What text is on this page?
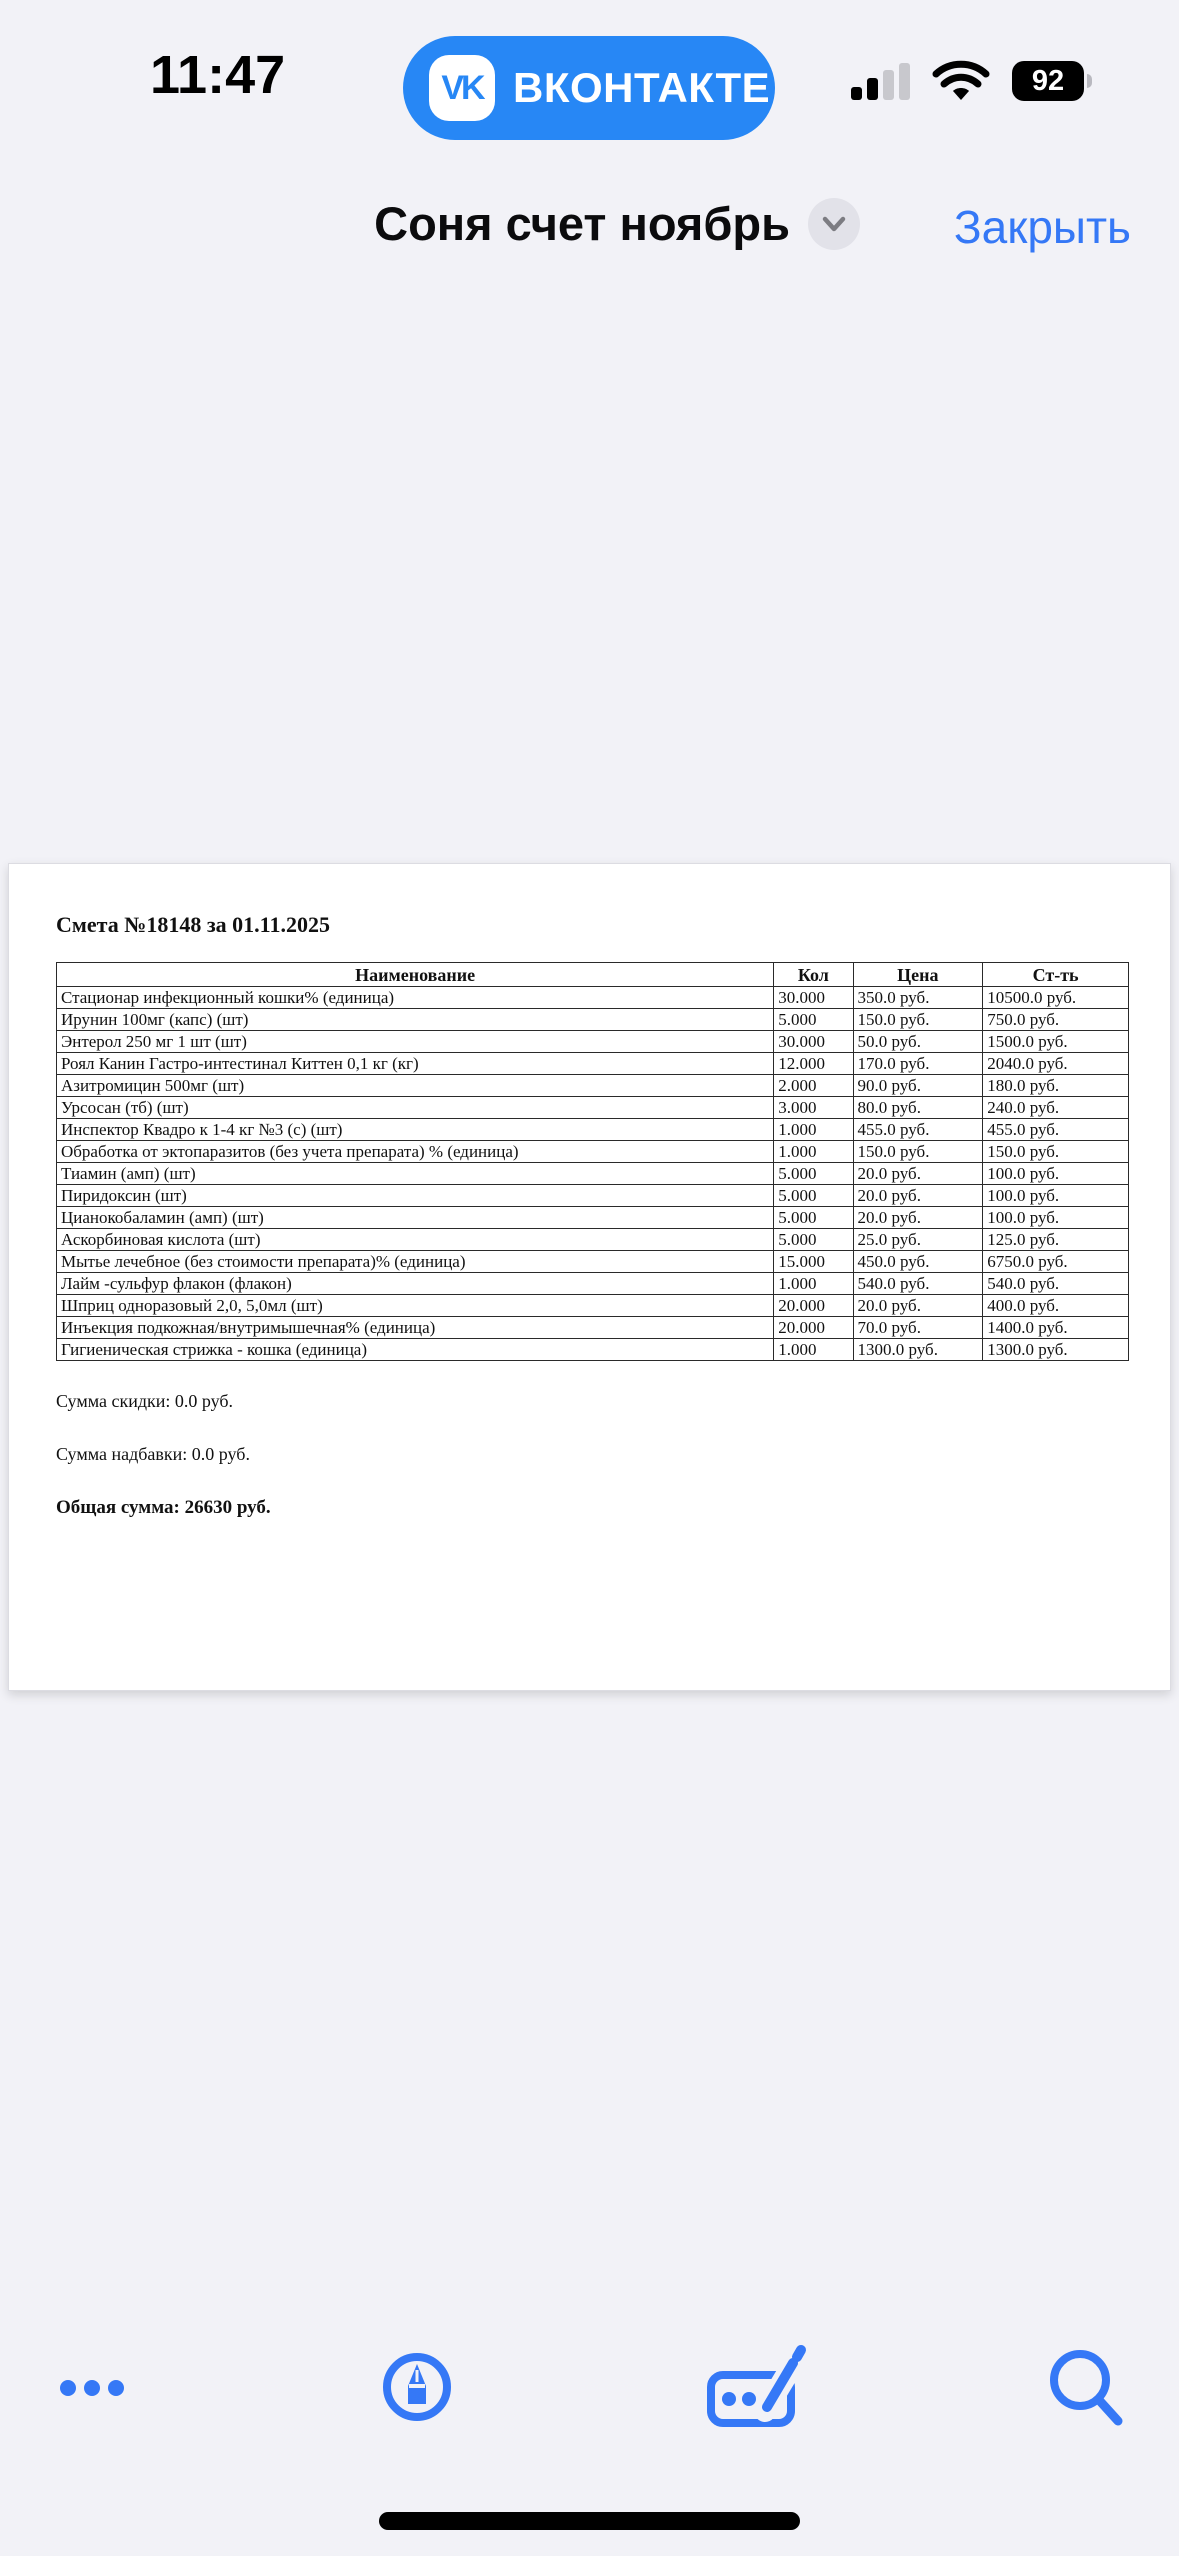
11:47	VK ВКОНТАКТЕ	92
Соня счет ноябрь	Закрыть

Смета №18148 за 01.11.2025

Наименование	Кол	Цена	Ст-ть
Стационар инфекционный кошки% (единица)	30.000	350.0 руб.	10500.0 руб.
Ирунин 100мг (капс) (шт)	5.000	150.0 руб.	750.0 руб.
Энтерол 250 мг 1 шт (шт)	30.000	50.0 руб.	1500.0 руб.
Роял Канин Гастро-интестинал Киттен 0,1 кг (кг)	12.000	170.0 руб.	2040.0 руб.
Азитромицин 500мг (шт)	2.000	90.0 руб.	180.0 руб.
Урсосан (тб) (шт)	3.000	80.0 руб.	240.0 руб.
Инспектор Квадро к 1-4 кг №3 (с) (шт)	1.000	455.0 руб.	455.0 руб.
Обработка от эктопаразитов (без учета препарата) % (единица)	1.000	150.0 руб.	150.0 руб.
Тиамин (амп) (шт)	5.000	20.0 руб.	100.0 руб.
Пиридоксин (шт)	5.000	20.0 руб.	100.0 руб.
Цианокобаламин (амп) (шт)	5.000	20.0 руб.	100.0 руб.
Аскорбиновая кислота (шт)	5.000	25.0 руб.	125.0 руб.
Мытье лечебное (без стоимости препарата)% (единица)	15.000	450.0 руб.	6750.0 руб.
Лайм -сульфур флакон (флакон)	1.000	540.0 руб.	540.0 руб.
Шприц одноразовый 2,0, 5,0мл (шт)	20.000	20.0 руб.	400.0 руб.
Инъекция подкожная/внутримышечная% (единица)	20.000	70.0 руб.	1400.0 руб.
Гигиеническая стрижка - кошка (единица)	1.000	1300.0 руб.	1300.0 руб.

Сумма скидки: 0.0 руб.

Сумма надбавки: 0.0 руб.

Общая сумма: 26630 руб.
